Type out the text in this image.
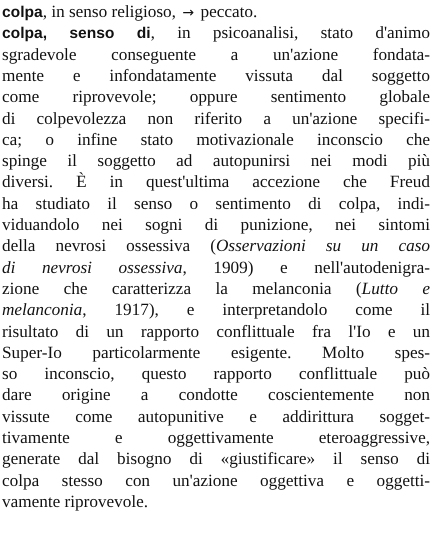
colpa, in senso religioso, → peccato.
colpa, senso di, in psicoanalisi, stato d'animo
sgradevole conseguente a un'azione fondata-
mente e infondatamente vissuta dal soggetto
come riprovevole; oppure sentimento globale
di colpevolezza non riferito a un'azione specifi-
ca; o infine stato motivazionale inconscio che
spinge il soggetto ad autopunirsi nei modi più
diversi. È in quest'ultima accezione che Freud
ha studiato il senso o sentimento di colpa, indi-
viduandolo nei sogni di punizione, nei sintomi
della nevrosi ossessiva (Osservazioni su un caso
di nevrosi ossessiva, 1909) e nell'autodenigra-
zione che caratterizza la melanconia (Lutto e
melanconia, 1917), e interpretandolo come il
risultato di un rapporto conflittuale fra l'Io e un
Super-Io particolarmente esigente. Molto spes-
so inconscio, questo rapporto conflittuale può
dare origine a condotte coscientemente non
vissute come autopunitive e addirittura sogget-
tivamente e oggettivamente eteroaggressive,
generate dal bisogno di «giustificare» il senso di
colpa stesso con un'azione oggettiva e oggetti-
vamente riprovevole.
